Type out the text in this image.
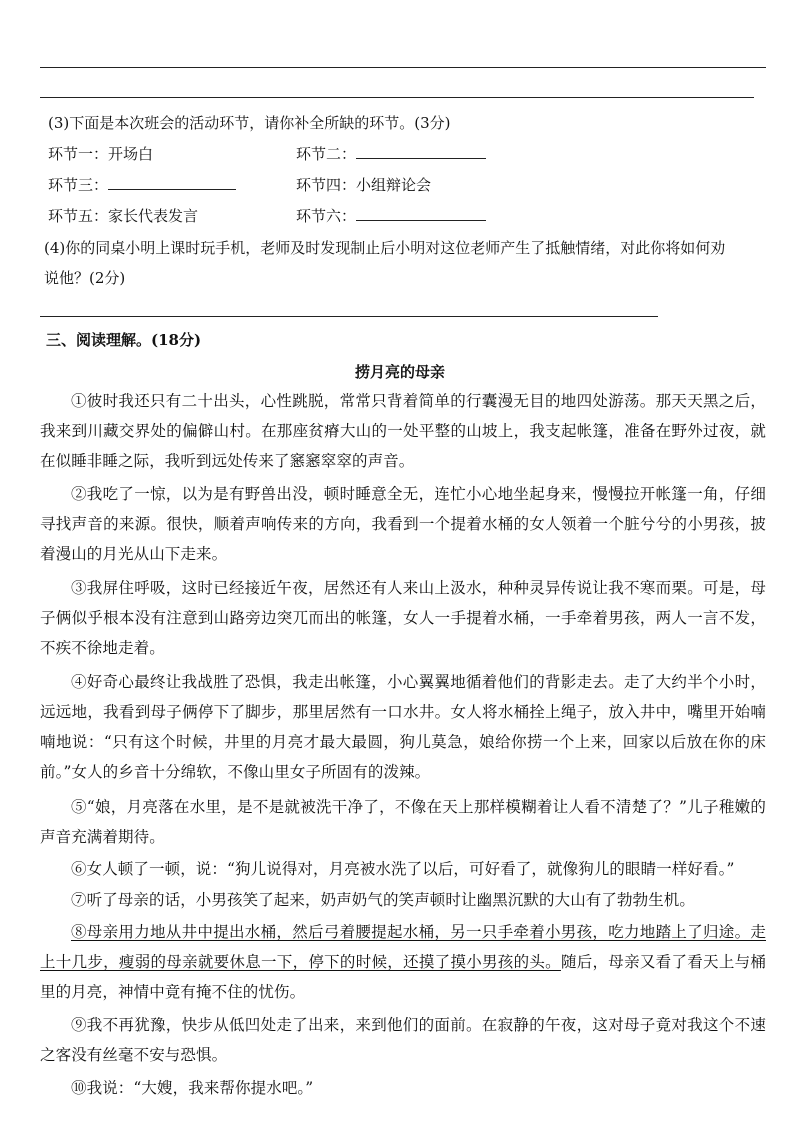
(3)下面是本次班会的活动环节，请你补全所缺的环节。(3分)
环节一：开场白	环节二：
环节三：	环节四：小组辩论会
环节五：家长代表发言	环节六：
(4)你的同桌小明上课时玩手机，老师及时发现制止后小明对这位老师产生了抵触情绪，对此你将如何劝
说他？(2分)
三、阅读理解。(18分)
捞月亮的母亲
①彼时我还只有二十出头，心性跳脱，常常只背着简单的行囊漫无目的地四处游荡。那天天黑之后，我来到川藏交界处的偏僻山村。在那座贫瘠大山的一处平整的山坡上，我支起帐篷，准备在野外过夜，就在似睡非睡之际，我听到远处传来了窸窸窣窣的声音。
②我吃了一惊，以为是有野兽出没，顿时睡意全无，连忙小心地坐起身来，慢慢拉开帐篷一角，仔细寻找声音的来源。很快，顺着声响传来的方向，我看到一个提着水桶的女人领着一个脏兮兮的小男孩，披着漫山的月光从山下走来。
③我屏住呼吸，这时已经接近午夜，居然还有人来山上汲水，种种灵异传说让我不寒而栗。可是，母子俩似乎根本没有注意到山路旁边突兀而出的帐篷，女人一手提着水桶，一手牵着男孩，两人一言不发，不疾不徐地走着。
④好奇心最终让我战胜了恐惧，我走出帐篷，小心翼翼地循着他们的背影走去。走了大约半个小时，远远地，我看到母子俩停下了脚步，那里居然有一口水井。女人将水桶拴上绳子，放入井中，嘴里开始喃喃地说：“只有这个时候，井里的月亮才最大最圆，狗儿莫急，娘给你捞一个上来，回家以后放在你的床前。”女人的乡音十分绵软，不像山里女子所固有的泼辣。
⑤“娘，月亮落在水里，是不是就被洗干净了，不像在天上那样模糊着让人看不清楚了？”儿子稚嫩的声音充满着期待。
⑥女人顿了一顿，说：“狗儿说得对，月亮被水洗了以后，可好看了，就像狗儿的眼睛一样好看。”
⑦听了母亲的话，小男孩笑了起来，奶声奶气的笑声顿时让幽黑沉默的大山有了勃勃生机。
⑧母亲用力地从井中提出水桶，然后弓着腰提起水桶，另一只手牵着小男孩，吃力地踏上了归途。走上十几步，瘦弱的母亲就要休息一下，停下的时候，还摸了摸小男孩的头。随后，母亲又看了看天上与桶里的月亮，神情中竟有掩不住的忧伤。
⑨我不再犹豫，快步从低凹处走了出来，来到他们的面前。在寂静的午夜，这对母子竟对我这个不速之客没有丝毫不安与恐惧。
⑩我说：“大嫂，我来帮你提水吧。”
